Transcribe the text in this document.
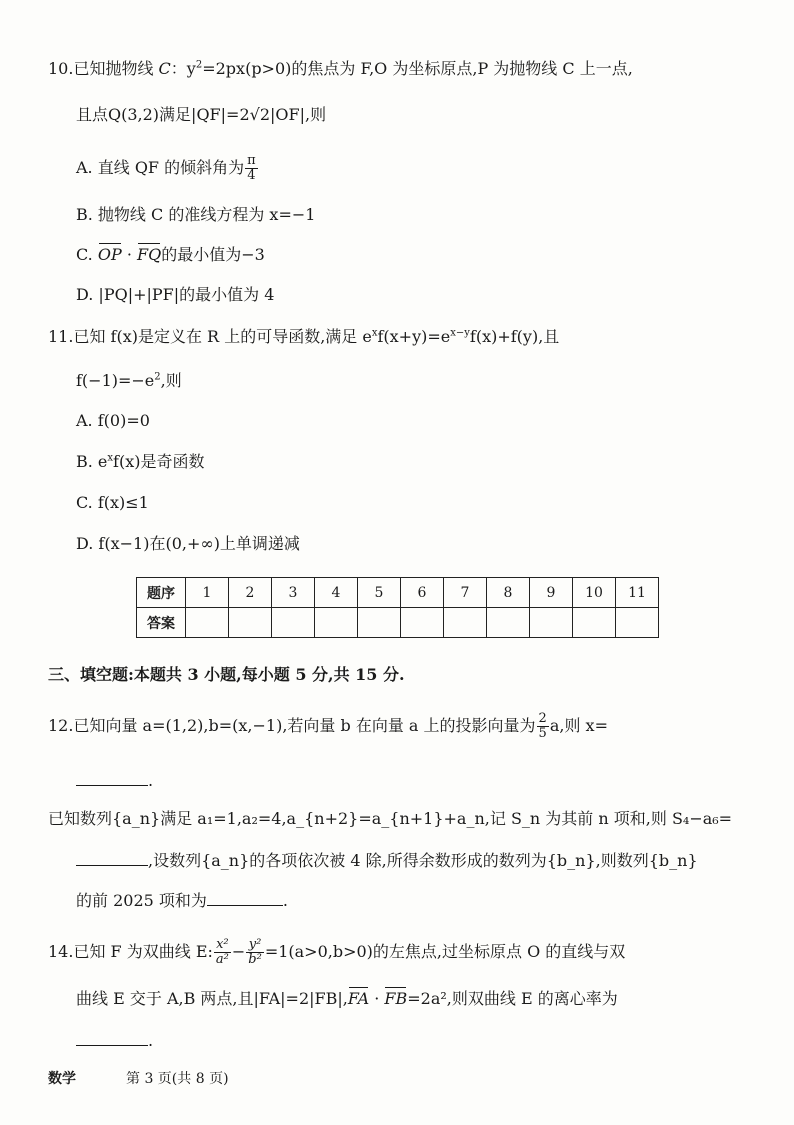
10.已知抛物线 C：$y^2=2px(p>0)$的焦点为 F,O 为坐标原点,P 为抛物线 C 上一点,
且点Q(3,2)满足|QF|=2√2|OF|,则
A. 直线 QF 的倾斜角为 $\frac{\pi}{4}$
B. 抛物线 C 的准线方程为 x=−1
C. OP · FQ的最小值为−3
D. |PQ|+|PF|的最小值为 4
11.已知 f(x)是定义在 R 上的可导函数,满足 $e^xf(x+y)=e^{x-y}f(x)+f(y)$,且
$f(-1)=-e^2$,则
A. f(0)=0
B. $e^xf(x)$是奇函数
C. f(x)≤1
D. f(x−1)在(0,+∞)上单调递减
题序	1	2	3	4	5	6	7	8	9	10	11
答案											
三、填空题:本题共 3 小题,每小题 5 分,共 15 分.
12.已知向量 a=(1,2),b=(x,−1),若向量 b 在向量 a 上的投影向量为 $\frac{2}{5} a$,则 x=
.
已知数列{a_n}满足 a₁=1,a₂=4,a_{n+2}=a_{n+1}+a_n,记 S_n 为其前 n 项和,则 S₄−a₆=
,设数列{a_n}的各项依次被 4 除,所得余数形成的数列为{b_n},则数列{b_n}
的前 2025 项和为	.
14.已知 F 为双曲线 E: $\frac{\text{x²}}{\text{a²}} - \frac{\text{y²}}{\text{b²}} =1(a>0,b>0)$的左焦点,过坐标原点 O 的直线与双
曲线 E 交于 A,B 两点,且|FA|=2|FB|,FA · FB=2a²,则双曲线 E 的离心率为
.
数学	第 3 页(共 8 页)
